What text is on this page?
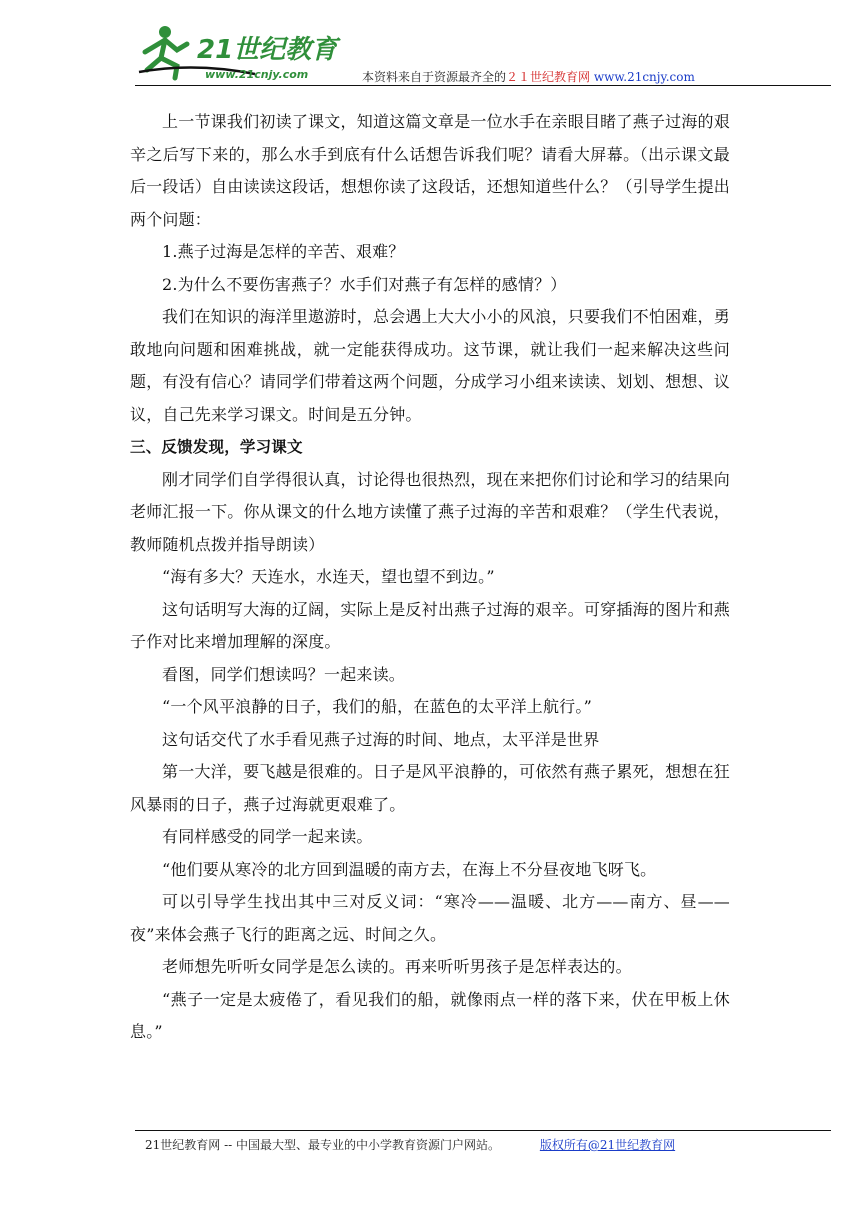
21世纪教育
www.21cnjy.com	本资料来自于资源最齐全的２１世纪教育网 www.21cnjy.com

上一节课我们初读了课文，知道这篇文章是一位水手在亲眼目睹了燕子过海的艰辛之后写下来的，那么水手到底有什么话想告诉我们呢？请看大屏幕。（出示课文最后一段话）自由读读这段话，想想你读了这段话，还想知道些什么？（引导学生提出两个问题：

1.燕子过海是怎样的辛苦、艰难？

2.为什么不要伤害燕子？水手们对燕子有怎样的感情？）

我们在知识的海洋里遨游时，总会遇上大大小小的风浪，只要我们不怕困难，勇敢地向问题和困难挑战，就一定能获得成功。这节课，就让我们一起来解决这些问题，有没有信心？请同学们带着这两个问题，分成学习小组来读读、划划、想想、议议，自己先来学习课文。时间是五分钟。

三、反馈发现，学习课文

刚才同学们自学得很认真，讨论得也很热烈，现在来把你们讨论和学习的结果向老师汇报一下。你从课文的什么地方读懂了燕子过海的辛苦和艰难？（学生代表说，教师随机点拨并指导朗读）

“海有多大？天连水，水连天，望也望不到边。”

这句话明写大海的辽阔，实际上是反衬出燕子过海的艰辛。可穿插海的图片和燕子作对比来增加理解的深度。

看图，同学们想读吗？一起来读。

“一个风平浪静的日子，我们的船，在蓝色的太平洋上航行。”

这句话交代了水手看见燕子过海的时间、地点，太平洋是世界

第一大洋，要飞越是很难的。日子是风平浪静的，可依然有燕子累死，想想在狂风暴雨的日子，燕子过海就更艰难了。

有同样感受的同学一起来读。

“他们要从寒冷的北方回到温暖的南方去，在海上不分昼夜地飞呀飞。

可以引导学生找出其中三对反义词：“寒冷——温暖、北方——南方、昼——夜”来体会燕子飞行的距离之远、时间之久。

老师想先听听女同学是怎么读的。再来听听男孩子是怎样表达的。

“燕子一定是太疲倦了，看见我们的船，就像雨点一样的落下来，伏在甲板上休息。”

21世纪教育网 -- 中国最大型、最专业的中小学教育资源门户网站。	版权所有@21世纪教育网
